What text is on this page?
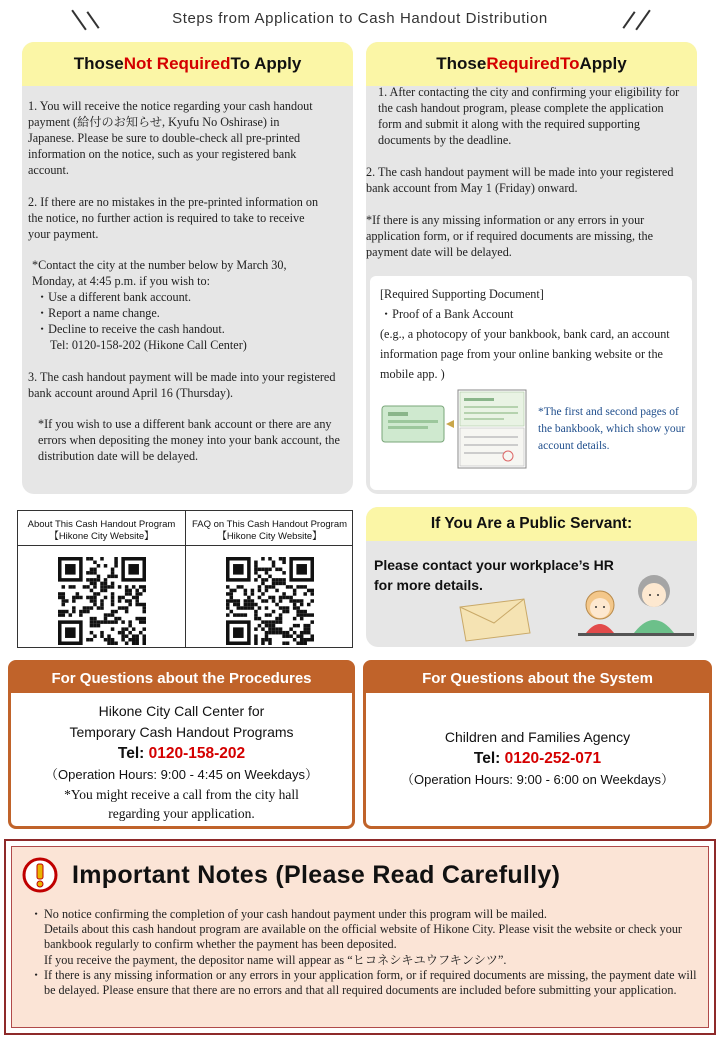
Steps from Application to Cash Handout Distribution
Those Not Required To Apply
1. You will receive the notice regarding your cash handout payment (給付のお知らせ, Kyufu No Oshirase) in Japanese. Please be sure to double-check all pre-printed information on the notice, such as your registered bank account.
2. If there are no mistakes in the pre-printed information on the notice, no further action is required to take to receive your payment.
*Contact the city at the number below by March 30, Monday, at 4:45 p.m. if you wish to:
・Use a different bank account.
・Report a name change.
・Decline to receive the cash handout.
Tel: 0120-158-202 (Hikone Call Center)
3. The cash handout payment will be made into your registered bank account around April 16 (Thursday).
*If you wish to use a different bank account or there are any errors when depositing the money into your bank account, the distribution date will be delayed.
Those Required To Apply
1. After contacting the city and confirming your eligibility for the cash handout program, please complete the application form and submit it along with the required supporting documents by the deadline.
2. The cash handout payment will be made into your registered bank account from May 1 (Friday) onward.
*If there is any missing information or any errors in your application form, or if required documents are missing, the payment date will be delayed.
[Required Supporting Document]
・Proof of a Bank Account
(e.g., a photocopy of your bankbook, bank card, an account information page from your online banking website or the mobile app. )
*The first and second pages of the bankbook, which show your account details.
About This Cash Handout Program
【Hikone City Website】
FAQ on This Cash Handout Program
【Hikone City Website】
If You Are a Public Servant:
Please contact your workplace’s HR
for more details.
For Questions about the Procedures
Hikone City Call Center for
Temporary Cash Handout Programs
Tel: 0120-158-202
（Operation Hours: 9:00 - 4:45 on Weekdays）
*You might receive a call from the city hall
regarding your application.
For Questions about the System
Children and Families Agency
Tel: 0120-252-071
（Operation Hours: 9:00 - 6:00 on Weekdays）
Important Notes (Please Read Carefully)
・ No notice confirming the completion of your cash handout payment under this program will be mailed.

Details about this cash handout program are available on the official website of Hikone City. Please visit the website or check your bankbook regularly to confirm whether the payment has been deposited.

If you receive the payment, the depositor name will appear as “ヒコネシキユウフキンシツ”.

・ If there is any missing information or any errors in your application form, or if required documents are missing, the payment date will be delayed. Please ensure that there are no errors and that all required documents are included before submitting your application.
